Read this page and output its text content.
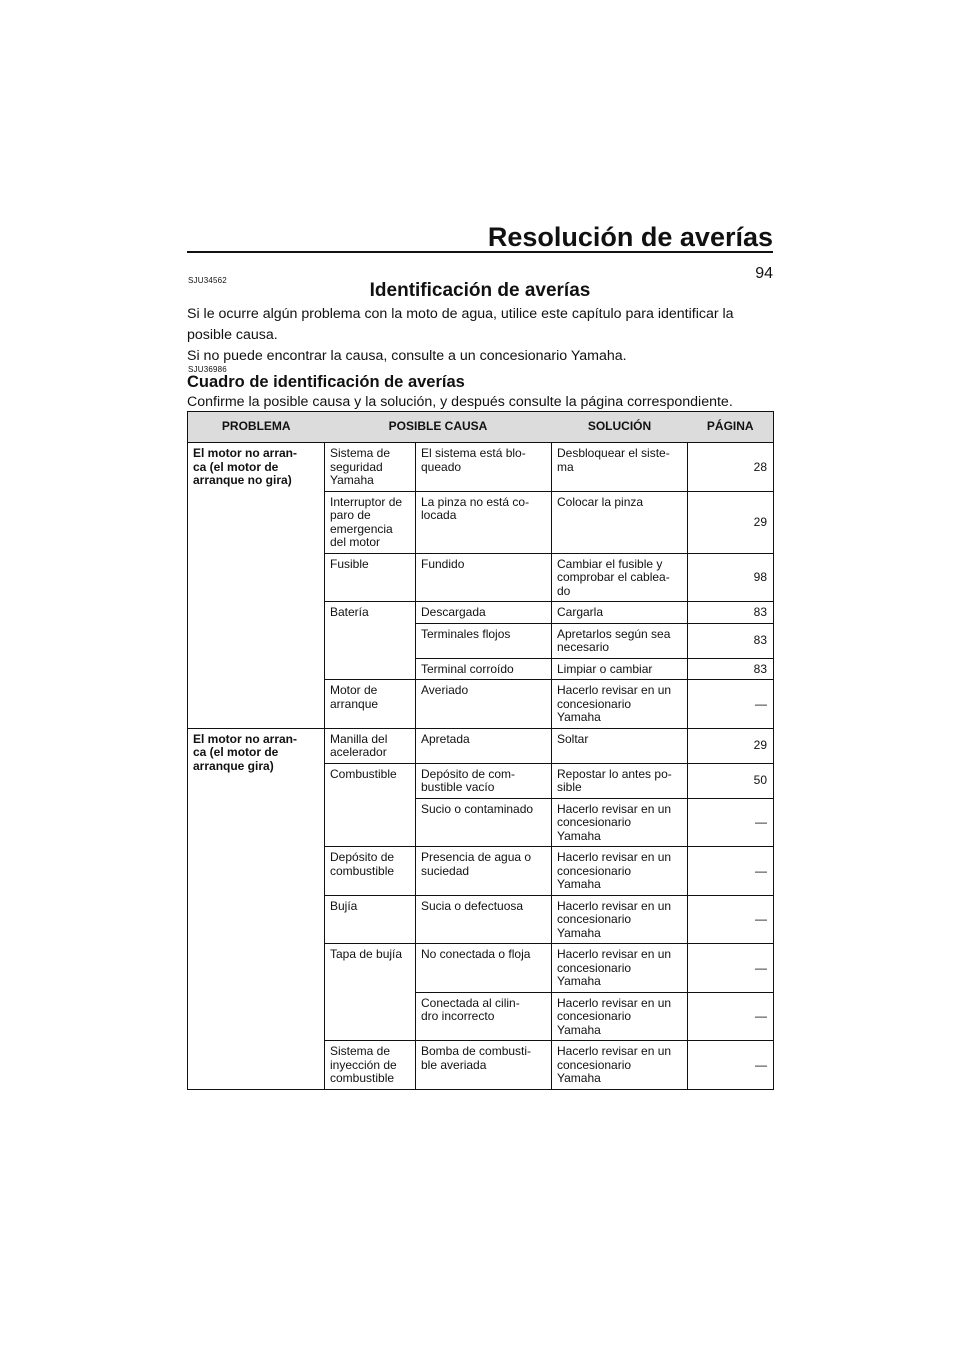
Resolución de averías
94
SJU34562	Identificación de averías

Si le ocurre algún problema con la moto de agua, utilice este capítulo para identificar la posible causa.
Si no puede encontrar la causa, consulte a un concesionario Yamaha.

SJU36986
Cuadro de identificación de averías

Confirme la posible causa y la solución, y después consulte la página correspondiente.

PROBLEMA	POSIBLE CAUSA		SOLUCIÓN	PÁGINA
El motor no arran-
ca (el motor de
arranque no gira)	Sistema de
seguridad
Yamaha	El sistema está blo-
queado	Desbloquear el siste-
ma	28
	Interruptor de
paro de
emergencia
del motor	La pinza no está co-
locada	Colocar la pinza	29
	Fusible	Fundido	Cambiar el fusible y
comprobar el cablea-
do	98
	Batería	Descargada	Cargarla	83
		Terminales flojos	Apretarlos según sea
necesario	83
		Terminal corroído	Limpiar o cambiar	83
	Motor de
arranque	Averiado	Hacerlo revisar en un
concesionario
Yamaha	—
El motor no arran-
ca (el motor de
arranque gira)	Manilla del
acelerador	Apretada	Soltar	29
	Combustible	Depósito de com-
bustible vacío	Repostar lo antes po-
sible	50
		Sucio o contaminado	Hacerlo revisar en un
concesionario
Yamaha	—
	Depósito de
combustible	Presencia de agua o
suciedad	Hacerlo revisar en un
concesionario
Yamaha	—
	Bujía	Sucia o defectuosa	Hacerlo revisar en un
concesionario
Yamaha	—
	Tapa de bujía	No conectada o floja	Hacerlo revisar en un
concesionario
Yamaha	—
		Conectada al cilin-
dro incorrecto	Hacerlo revisar en un
concesionario
Yamaha	—
	Sistema de
inyección de
combustible	Bomba de combusti-
ble averiada	Hacerlo revisar en un
concesionario
Yamaha	—
